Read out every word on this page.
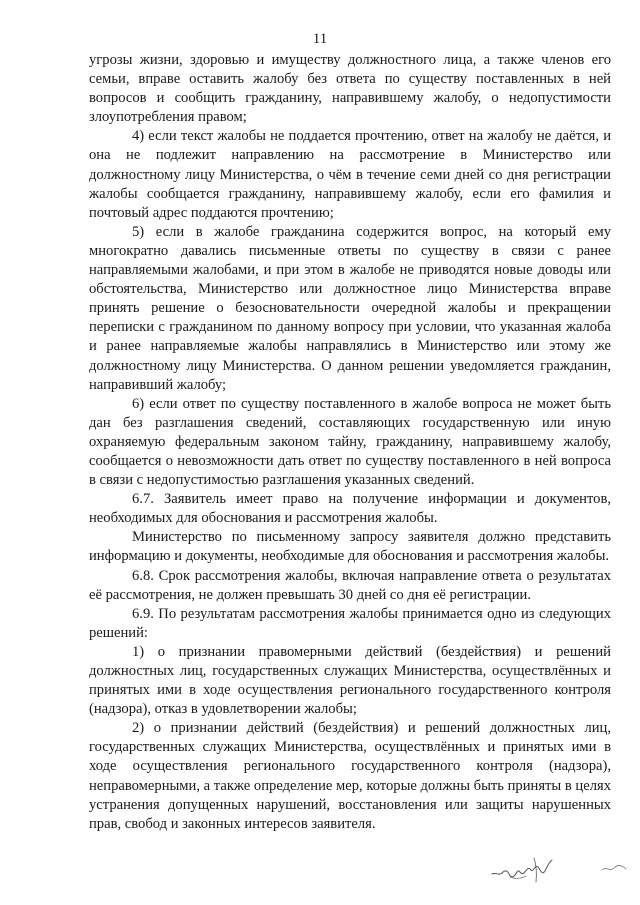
11

угрозы жизни, здоровью и имуществу должностного лица, а также членов его семьи, вправе оставить жалобу без ответа по существу поставленных в ней вопросов и сообщить гражданину, направившему жалобу, о недопустимости злоупотребления правом;

4) если текст жалобы не поддается прочтению, ответ на жалобу не даётся, и она не подлежит направлению на рассмотрение в Министерство или должностному лицу Министерства, о чём в течение семи дней со дня регистрации жалобы сообщается гражданину, направившему жалобу, если его фамилия и почтовый адрес поддаются прочтению;

5) если в жалобе гражданина содержится вопрос, на который ему многократно давались письменные ответы по существу в связи с ранее направляемыми жалобами, и при этом в жалобе не приводятся новые доводы или обстоятельства, Министерство или должностное лицо Министерства вправе принять решение о безосновательности очередной жалобы и прекращении переписки с гражданином по данному вопросу при условии, что указанная жалоба и ранее направляемые жалобы направлялись в Министерство или этому же должностному лицу Министерства. О данном решении уведомляется гражданин, направивший жалобу;

6) если ответ по существу поставленного в жалобе вопроса не может быть дан без разглашения сведений, составляющих государственную или иную охраняемую федеральным законом тайну, гражданину, направившему жалобу, сообщается о невозможности дать ответ по существу поставленного в ней вопроса в связи с недопустимостью разглашения указанных сведений.

6.7. Заявитель имеет право на получение информации и документов, необходимых для обоснования и рассмотрения жалобы.

Министерство по письменному запросу заявителя должно представить информацию и документы, необходимые для обоснования и рассмотрения жалобы.

6.8. Срок рассмотрения жалобы, включая направление ответа о результатах её рассмотрения, не должен превышать 30 дней со дня её регистрации.

6.9. По результатам рассмотрения жалобы принимается одно из следующих решений:

1) о признании правомерными действий (бездействия) и решений должностных лиц, государственных служащих Министерства, осуществлённых и принятых ими в ходе осуществления регионального государственного контроля (надзора), отказ в удовлетворении жалобы;

2) о признании действий (бездействия) и решений должностных лиц, государственных служащих Министерства, осуществлённых и принятых ими в ходе осуществления регионального государственного контроля (надзора), неправомерными, а также определение мер, которые должны быть приняты в целях устранения допущенных нарушений, восстановления или защиты нарушенных прав, свобод и законных интересов заявителя.
